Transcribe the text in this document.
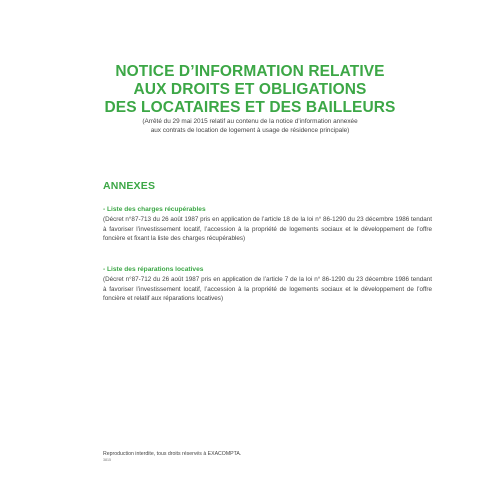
NOTICE D’INFORMATION RELATIVE
AUX DROITS ET OBLIGATIONS
DES LOCATAIRES ET DES BAILLEURS
(Arrêté du 29 mai 2015 relatif au contenu de la notice d’information annexée
aux contrats de location de logement à usage de résidence principale)
ANNEXES
- Liste des charges récupérables
(Décret n°87-713 du 26 août 1987 pris en application de l’article 18 de la loi n° 86-1290 du 23 décembre 1986 tendant à favoriser l’investissement locatif, l’accession à la propriété de logements sociaux et le développement de l’offre foncière et fixant la liste des charges récupérables)
- Liste des réparations locatives
(Décret n°87-712 du 26 août 1987 pris en application de l’article 7 de la loi n° 86-1290 du 23 décembre 1986 tendant à favoriser l’investissement locatif, l’accession à la propriété de logements sociaux et le développement de l’offre foncière et relatif aux réparations locatives)
Reproduction interdite, tous droits réservés à EXACOMPTA.
3815
